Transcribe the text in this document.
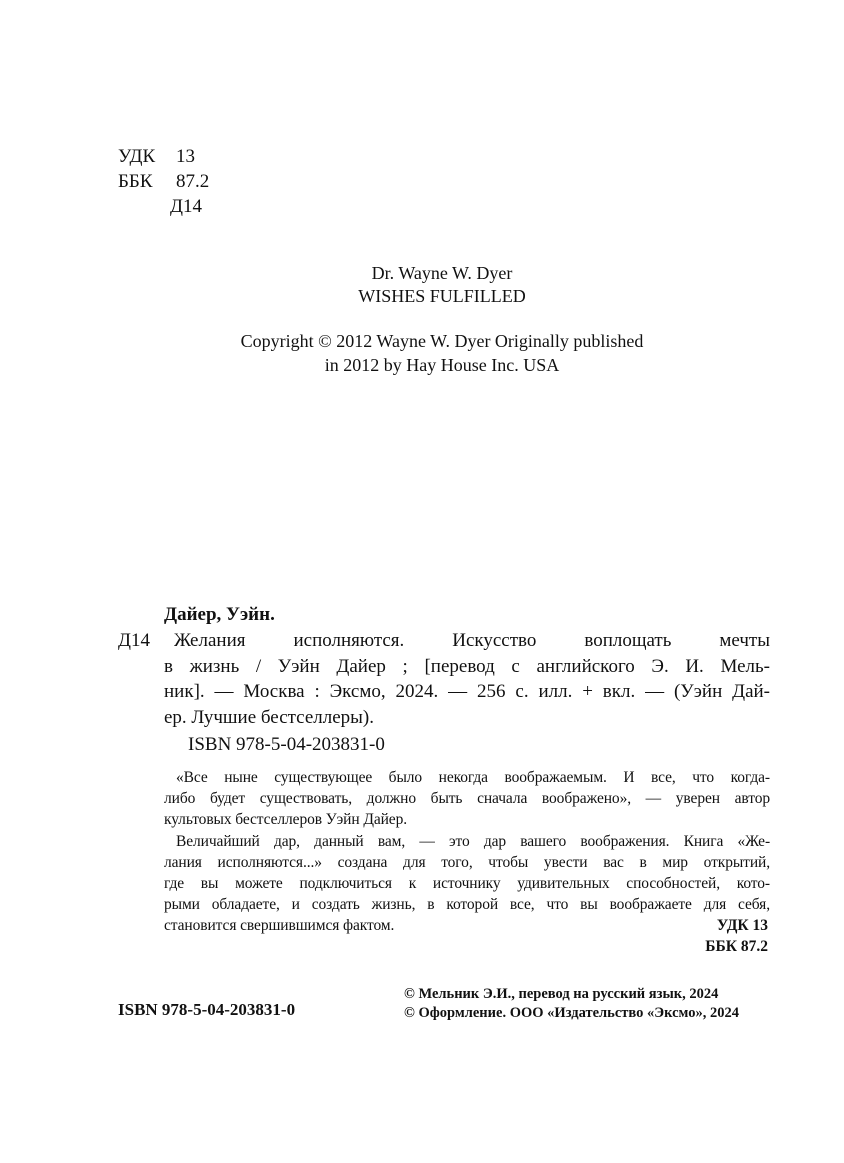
УДК 13
ББК 87.2
Д14
Dr. Wayne W. Dyer
WISHES FULFILLED
Copyright © 2012 Wayne W. Dyer Originally published
in 2012 by Hay House Inc. USA
Дайер, Уэйн.
Д14 Желания исполняются. Искусство воплощать мечты
в жизнь / Уэйн Дайер ; [перевод с английского Э. И. Мель-
ник]. — Москва : Эксмо, 2024. — 256 с. илл. + вкл. — (Уэйн Дай-
ер. Лучшие бестселлеры).
ISBN 978-5-04-203831-0
«Все ныне существующее было некогда воображаемым. И все, что когда-
либо будет существовать, должно быть сначала воображено», — уверен автор
культовых бестселлеров Уэйн Дайер.
Величайший дар, данный вам, — это дар вашего воображения. Книга «Же-
лания исполняются...» создана для того, чтобы увести вас в мир открытий,
где вы можете подключиться к источнику удивительных способностей, кото-
рыми обладаете, и создать жизнь, в которой все, что вы воображаете для себя,
становится свершившимся фактом.	УДК 13
ББК 87.2
ISBN 978-5-04-203831-0
© Мельник Э.И., перевод на русский язык, 2024
© Оформление. ООО «Издательство «Эксмо», 2024
